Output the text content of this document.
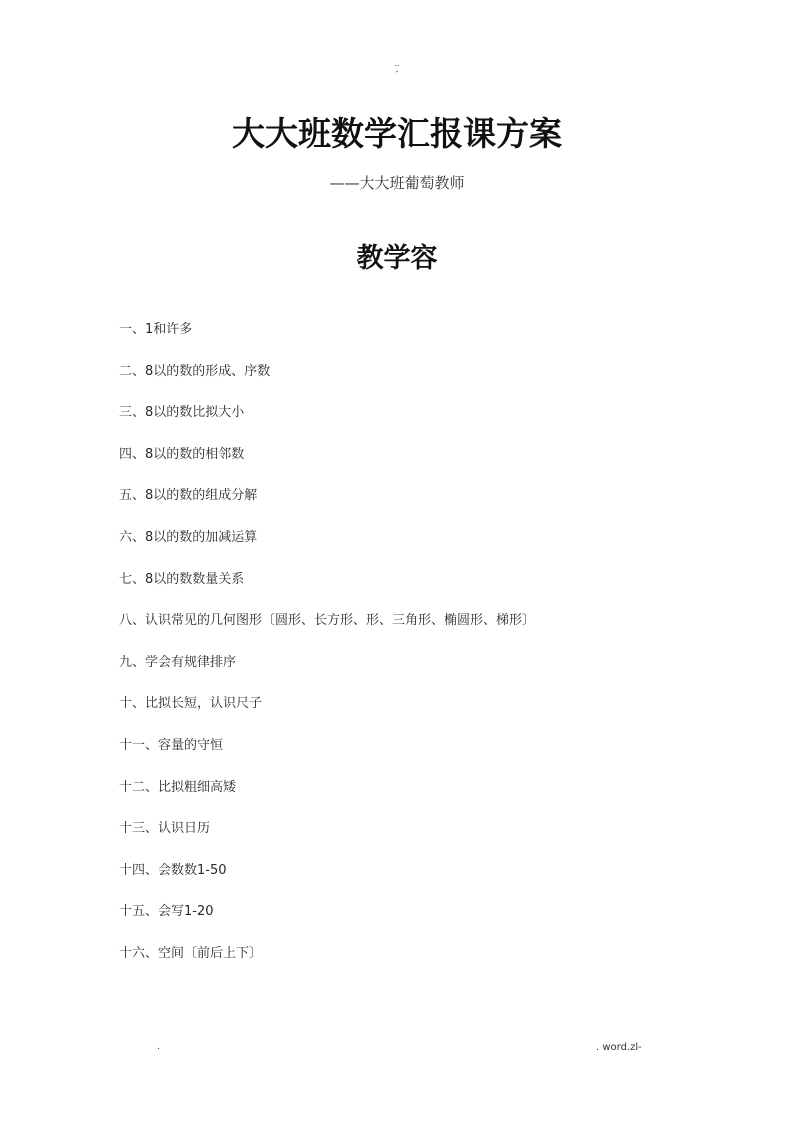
..
-
大大班数学汇报课方案
——大大班葡萄教师
教学容
一、1和许多
二、8以的数的形成、序数
三、8以的数比拟大小
四、8以的数的相邻数
五、8以的数的组成分解
六、8以的数的加减运算
七、8以的数数量关系
八、认识常见的几何图形〔圆形、长方形、形、三角形、椭圆形、梯形〕
九、学会有规律排序
十、比拟长短，认识尺子
十一、容量的守恒
十二、比拟粗细高矮
十三、认识日历
十四、会数数1-50
十五、会写1-20
十六、空间〔前后上下〕
.	. word.zl-
